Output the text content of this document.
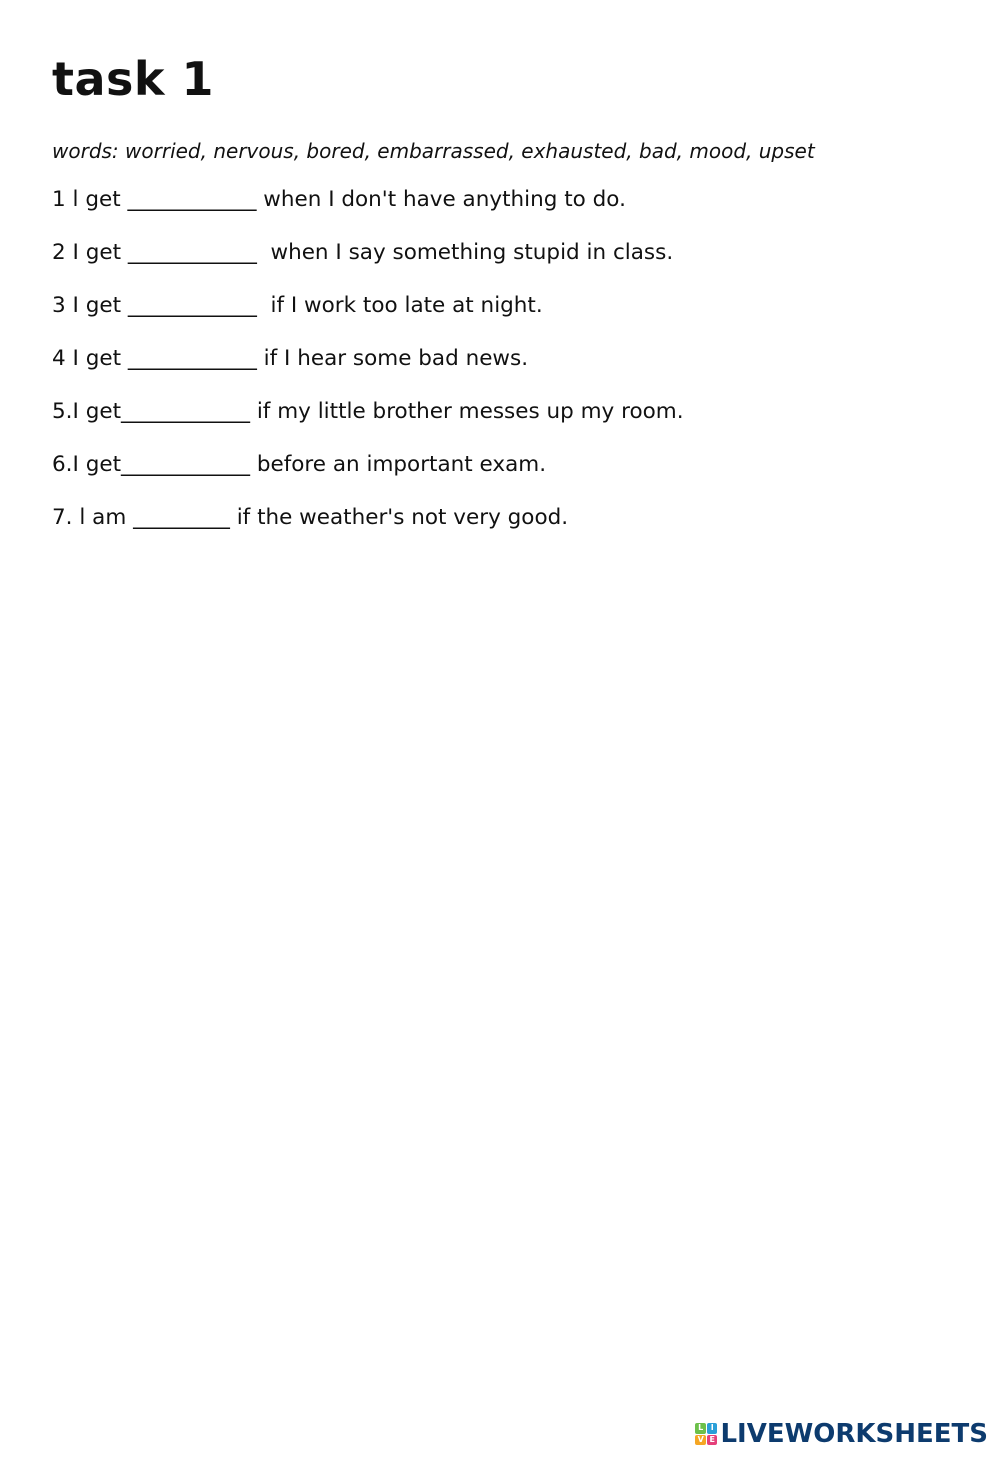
task 1

words: worried, nervous, bored, embarrassed, exhausted, bad, mood, upset

1 l get ____________ when I don't have anything to do.
2 I get ____________  when I say something stupid in class.
3 I get ____________  if I work too late at night.
4 I get ____________ if I hear some bad news.
5.I get____________ if my little brother messes up my room.
6.I get____________ before an important exam.
7. l am _________ if the weather's not very good.
L I
V E LIVEWORKSHEETS
